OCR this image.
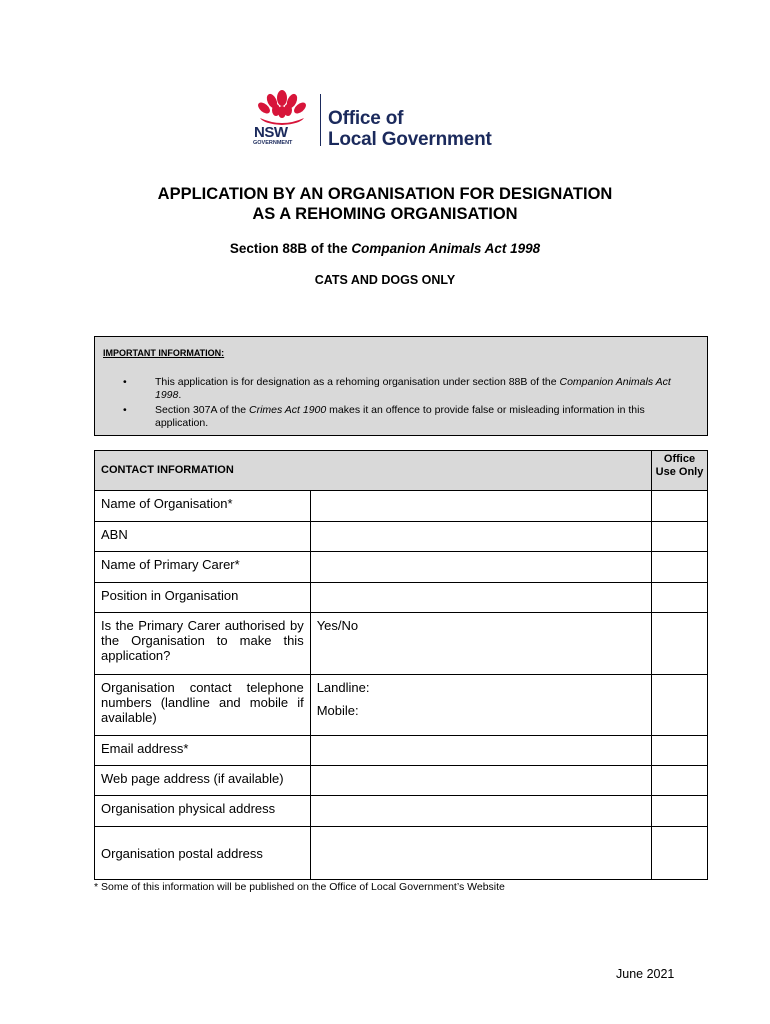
NSW
GOVERNMENT
Office of
Local Government
APPLICATION BY AN ORGANISATION FOR DESIGNATION
AS A REHOMING ORGANISATION
Section 88B of the Companion Animals Act 1998
CATS AND DOGS ONLY
IMPORTANT INFORMATION:
•	This application is for designation as a rehoming organisation under section 88B of the Companion Animals Act 1998.
•	Section 307A of the Crimes Act 1900 makes it an offence to provide false or misleading information in this application.
CONTACT INFORMATION		Office Use Only
Name of Organisation*		
ABN		
Name of Primary Carer*		
Position in Organisation		
Is the Primary Carer authorised by the Organisation to make this application?	Yes/No	
Organisation contact telephone numbers (landline and mobile if available)	Landline:
Mobile:	

Email address*		
Web page address (if available)		
Organisation physical address		
Organisation postal address		
* Some of this information will be published on the Office of Local Government’s Website
June 2021
